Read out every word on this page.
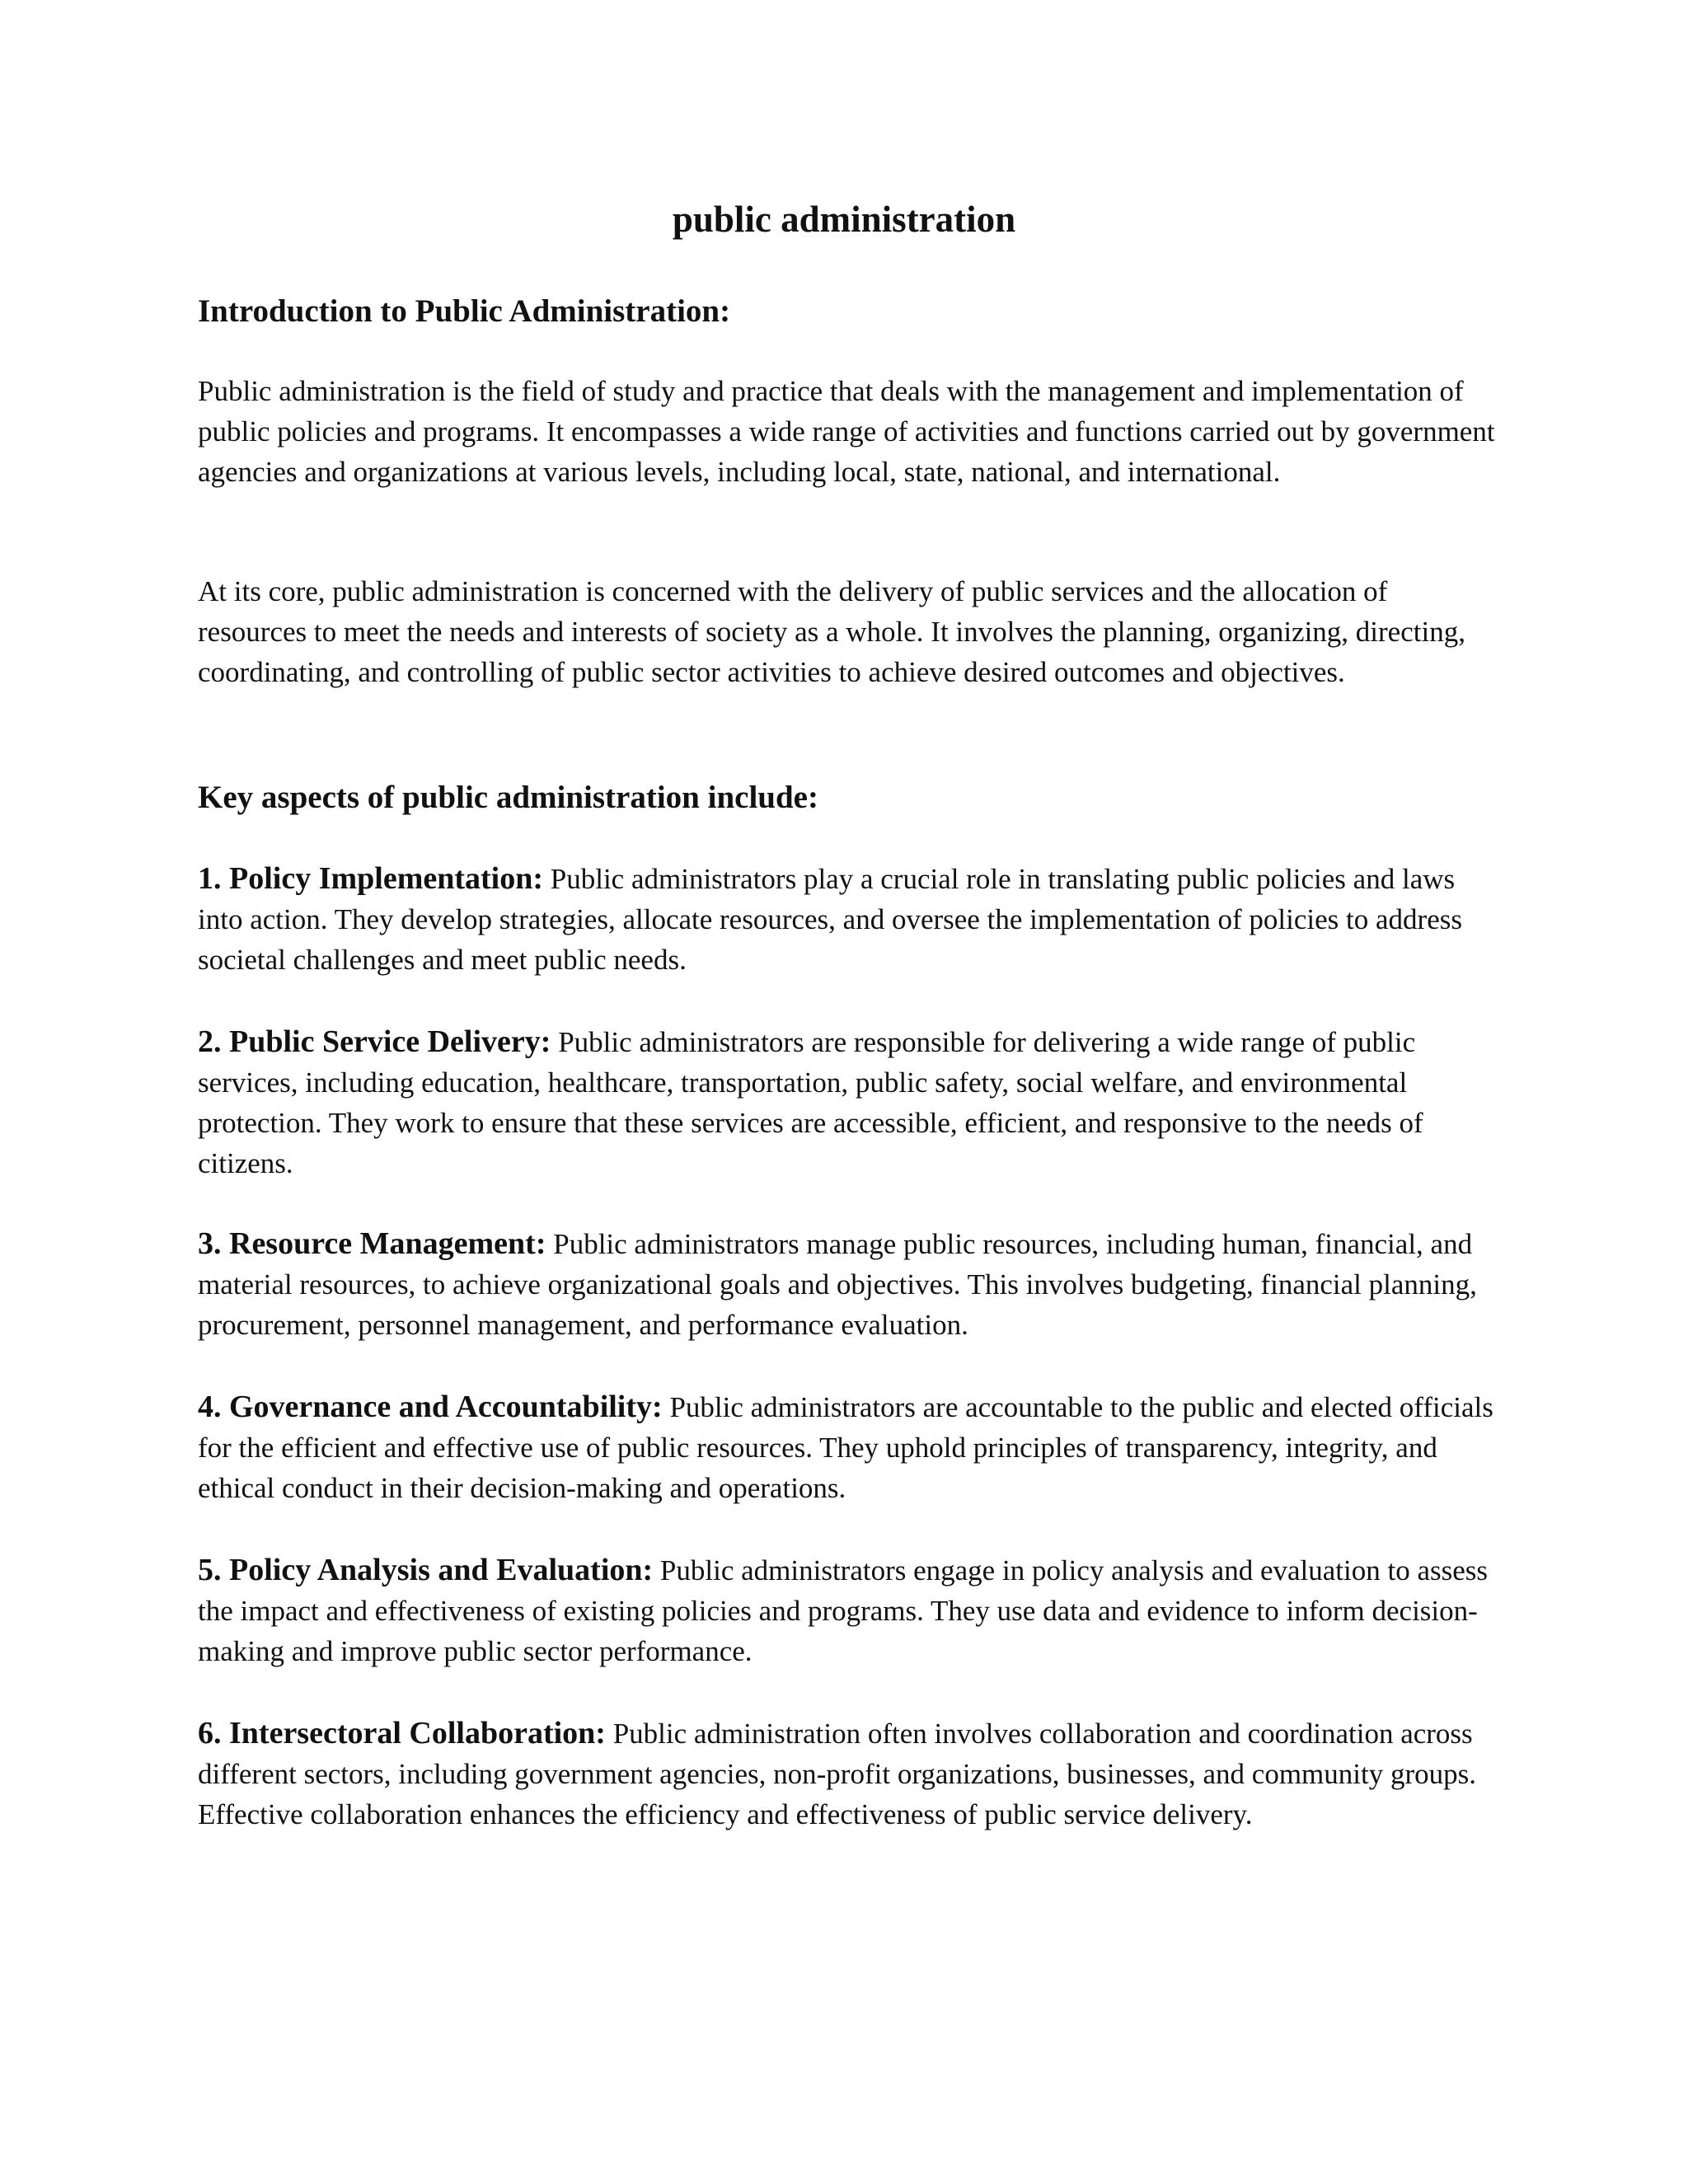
public administration
Introduction to Public Administration:

Public administration is the field of study and practice that deals with the management and implementation of public policies and programs. It encompasses a wide range of activities and functions carried out by government agencies and organizations at various levels, including local, state, national, and international.

At its core, public administration is concerned with the delivery of public services and the allocation of resources to meet the needs and interests of society as a whole. It involves the planning, organizing, directing, coordinating, and controlling of public sector activities to achieve desired outcomes and objectives.

Key aspects of public administration include:

1. Policy Implementation: Public administrators play a crucial role in translating public policies and laws into action. They develop strategies, allocate resources, and oversee the implementation of policies to address societal challenges and meet public needs.

2. Public Service Delivery: Public administrators are responsible for delivering a wide range of public services, including education, healthcare, transportation, public safety, social welfare, and environmental protection. They work to ensure that these services are accessible, efficient, and responsive to the needs of citizens.

3. Resource Management: Public administrators manage public resources, including human, financial, and material resources, to achieve organizational goals and objectives. This involves budgeting, financial planning, procurement, personnel management, and performance evaluation.

4. Governance and Accountability: Public administrators are accountable to the public and elected officials for the efficient and effective use of public resources. They uphold principles of transparency, integrity, and ethical conduct in their decision-making and operations.

5. Policy Analysis and Evaluation: Public administrators engage in policy analysis and evaluation to assess the impact and effectiveness of existing policies and programs. They use data and evidence to inform decision-making and improve public sector performance.

6. Intersectoral Collaboration: Public administration often involves collaboration and coordination across different sectors, including government agencies, non-profit organizations, businesses, and community groups. Effective collaboration enhances the efficiency and effectiveness of public service delivery.
